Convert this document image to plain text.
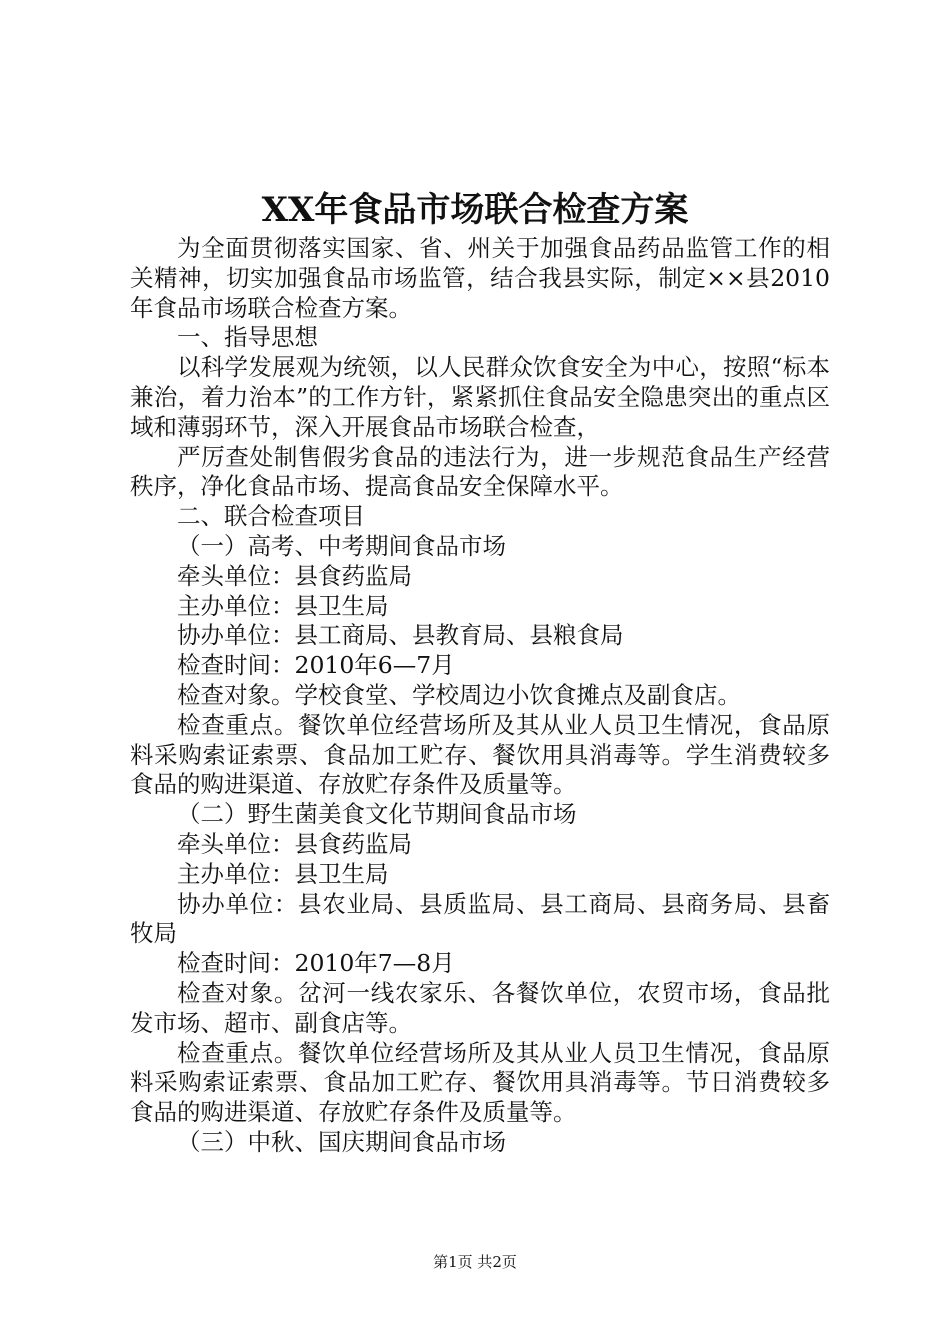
XX年食品市场联合检查方案

为全面贯彻落实国家、省、州关于加强食品药品监管工作的相关精神，切实加强食品市场监管，结合我县实际，制定××县2010年食品市场联合检查方案。

一、指导思想

以科学发展观为统领，以人民群众饮食安全为中心，按照“标本兼治，着力治本”的工作方针，紧紧抓住食品安全隐患突出的重点区域和薄弱环节，深入开展食品市场联合检查，

严厉查处制售假劣食品的违法行为，进一步规范食品生产经营秩序，净化食品市场、提高食品安全保障水平。

二、联合检查项目

（一）高考、中考期间食品市场

牵头单位：县食药监局

主办单位：县卫生局

协办单位：县工商局、县教育局、县粮食局

检查时间：2010年6—7月

检查对象。学校食堂、学校周边小饮食摊点及副食店。

检查重点。餐饮单位经营场所及其从业人员卫生情况，食品原料采购索证索票、食品加工贮存、餐饮用具消毒等。学生消费较多食品的购进渠道、存放贮存条件及质量等。

（二）野生菌美食文化节期间食品市场

牵头单位：县食药监局

主办单位：县卫生局

协办单位：县农业局、县质监局、县工商局、县商务局、县畜牧局

检查时间：2010年7—8月

检查对象。岔河一线农家乐、各餐饮单位，农贸市场，食品批发市场、超市、副食店等。

检查重点。餐饮单位经营场所及其从业人员卫生情况，食品原料采购索证索票、食品加工贮存、餐饮用具消毒等。节日消费较多食品的购进渠道、存放贮存条件及质量等。

（三）中秋、国庆期间食品市场

第1页 共2页
